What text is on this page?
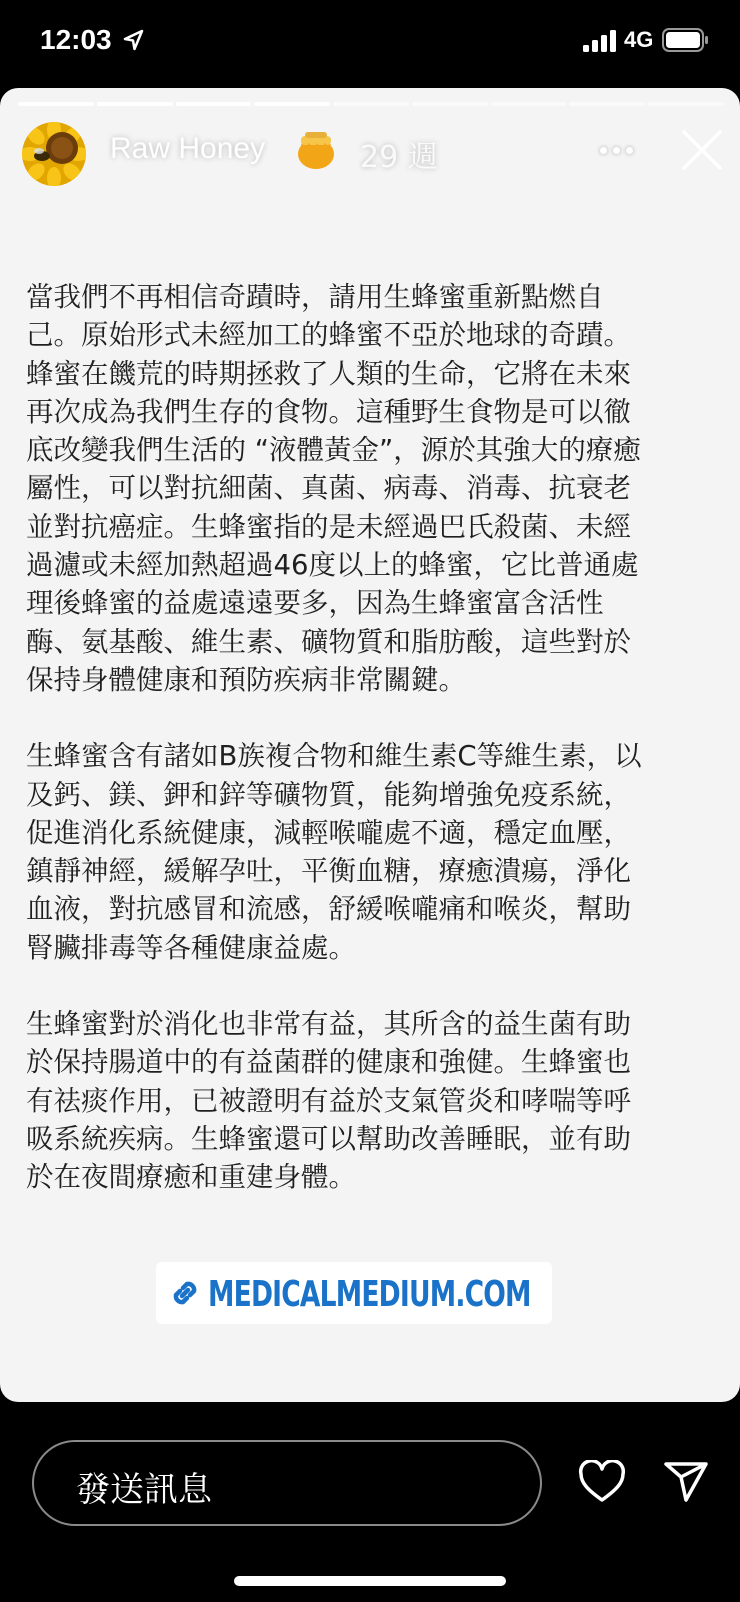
12:03	4G
Raw Honey	29 週
當我們不再相信奇蹟時，請用生蜂蜜重新點燃自
己。原始形式未經加工的蜂蜜不亞於地球的奇蹟。
蜂蜜在饑荒的時期拯救了人類的生命，它將在未來
再次成為我們生存的食物。這種野生食物是可以徹
底改變我們生活的 “液體黃金”，源於其強大的療癒
屬性，可以對抗細菌、真菌、病毒、消毒、抗衰老
並對抗癌症。生蜂蜜指的是未經過巴氏殺菌、未經
過濾或未經加熱超過46度以上的蜂蜜，它比普通處
理後蜂蜜的益處遠遠要多，因為生蜂蜜富含活性
酶、氨基酸、維生素、礦物質和脂肪酸，這些對於
保持身體健康和預防疾病非常關鍵。
生蜂蜜含有諸如B族複合物和維生素C等維生素，以
及鈣、鎂、鉀和鋅等礦物質，能夠增強免疫系統，
促進消化系統健康，減輕喉嚨處不適，穩定血壓，
鎮靜神經，緩解孕吐，平衡血糖，療癒潰瘍，淨化
血液，對抗感冒和流感，舒緩喉嚨痛和喉炎，幫助
腎臟排毒等各種健康益處。
生蜂蜜對於消化也非常有益，其所含的益生菌有助
於保持腸道中的有益菌群的健康和強健。生蜂蜜也
有祛痰作用，已被證明有益於支氣管炎和哮喘等呼
吸系統疾病。生蜂蜜還可以幫助改善睡眠，並有助
於在夜間療癒和重建身體。
MEDICALMEDIUM.COM
發送訊息
